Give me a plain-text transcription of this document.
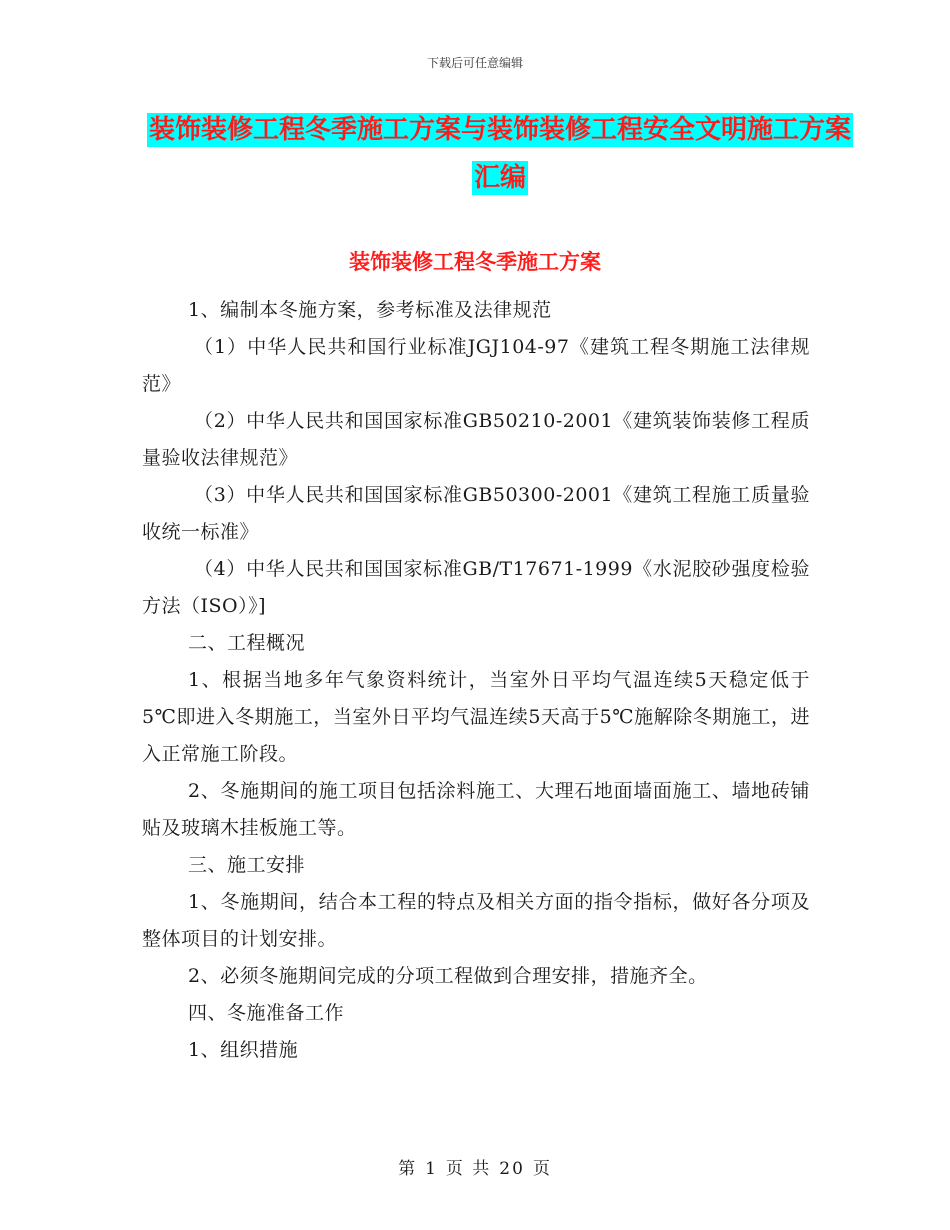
下载后可任意编辑
装饰装修工程冬季施工方案与装饰装修工程安全文明施工方案汇编
装饰装修工程冬季施工方案

1、编制本冬施方案，参考标准及法律规范

（1）中华人民共和国行业标准JGJ104-97《建筑工程冬期施工法律规范》

（2）中华人民共和国国家标准GB50210-2001《建筑装饰装修工程质量验收法律规范》

（3）中华人民共和国国家标准GB50300-2001《建筑工程施工质量验收统一标准》

（4）中华人民共和国国家标准GB/T17671-1999《水泥胶砂强度检验方法（ISO）》]

二、工程概况

1、根据当地多年气象资料统计，当室外日平均气温连续5天稳定低于5℃即进入冬期施工，当室外日平均气温连续5天高于5℃施解除冬期施工，进入正常施工阶段。

2、冬施期间的施工项目包括涂料施工、大理石地面墙面施工、墙地砖铺贴及玻璃木挂板施工等。

三、施工安排

1、冬施期间，结合本工程的特点及相关方面的指令指标，做好各分项及整体项目的计划安排。

2、必须冬施期间完成的分项工程做到合理安排，措施齐全。

四、冬施准备工作

1、组织措施

第 1 页 共 20 页
